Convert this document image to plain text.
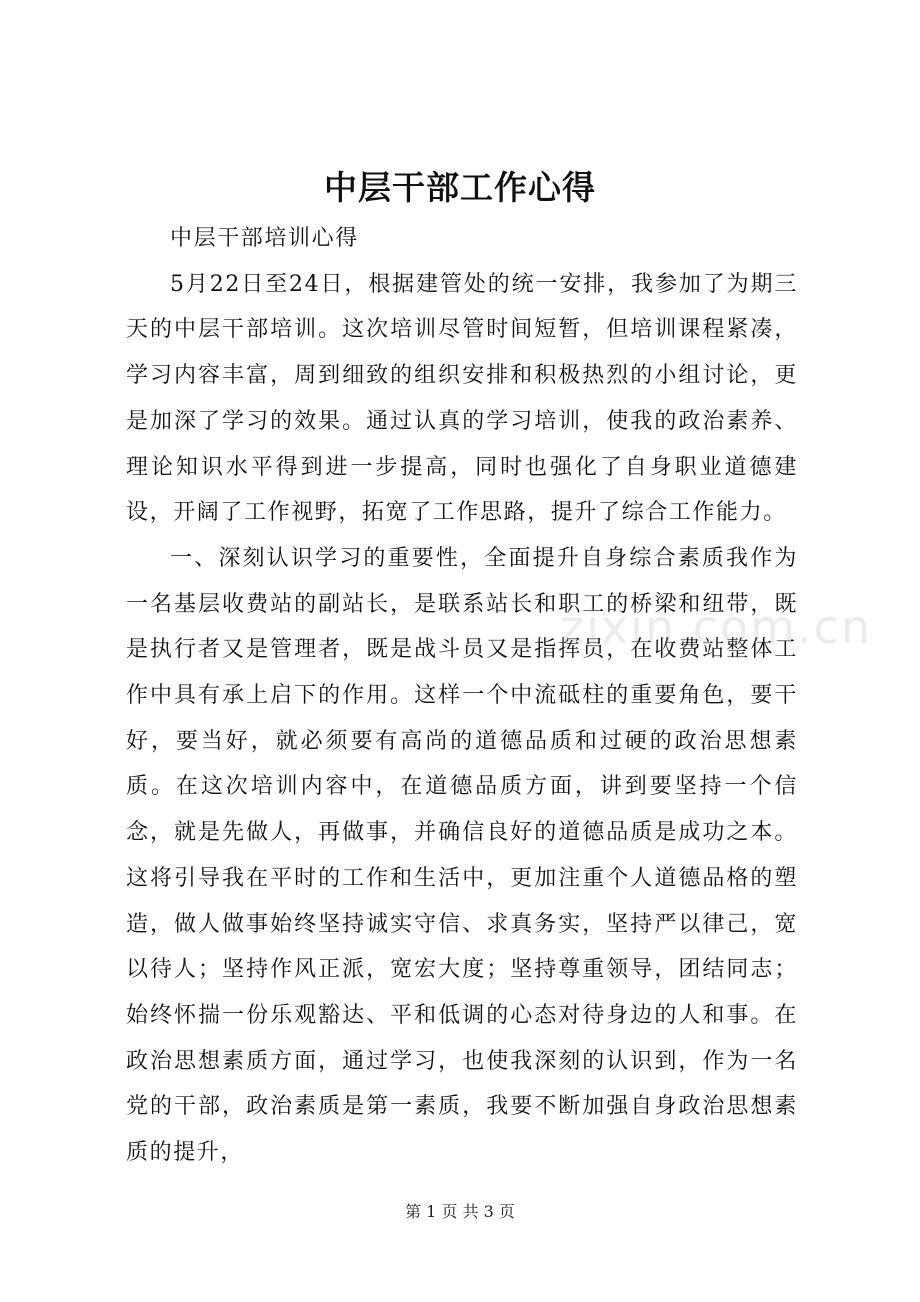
中层干部工作心得

中层干部培训心得

5月22日至24日，根据建管处的统一安排，我参加了为期三天的中层干部培训。这次培训尽管时间短暂，但培训课程紧凑，学习内容丰富，周到细致的组织安排和积极热烈的小组讨论，更是加深了学习的效果。通过认真的学习培训，使我的政治素养、理论知识水平得到进一步提高，同时也强化了自身职业道德建设，开阔了工作视野，拓宽了工作思路，提升了综合工作能力。

一、深刻认识学习的重要性，全面提升自身综合素质我作为一名基层收费站的副站长，是联系站长和职工的桥梁和纽带，既是执行者又是管理者，既是战斗员又是指挥员，在收费站整体工作中具有承上启下的作用。这样一个中流砥柱的重要角色，要干好，要当好，就必须要有高尚的道德品质和过硬的政治思想素质。在这次培训内容中，在道德品质方面，讲到要坚持一个信念，就是先做人，再做事，并确信良好的道德品质是成功之本。这将引导我在平时的工作和生活中，更加注重个人道德品格的塑造，做人做事始终坚持诚实守信、求真务实，坚持严以律己，宽以待人；坚持作风正派，宽宏大度；坚持尊重领导，团结同志；始终怀揣一份乐观豁达、平和低调的心态对待身边的人和事。在政治思想素质方面，通过学习，也使我深刻的认识到，作为一名党的干部，政治素质是第一素质，我要不断加强自身政治思想素质的提升，

zixin.com.cn
第 1 页 共 3 页
